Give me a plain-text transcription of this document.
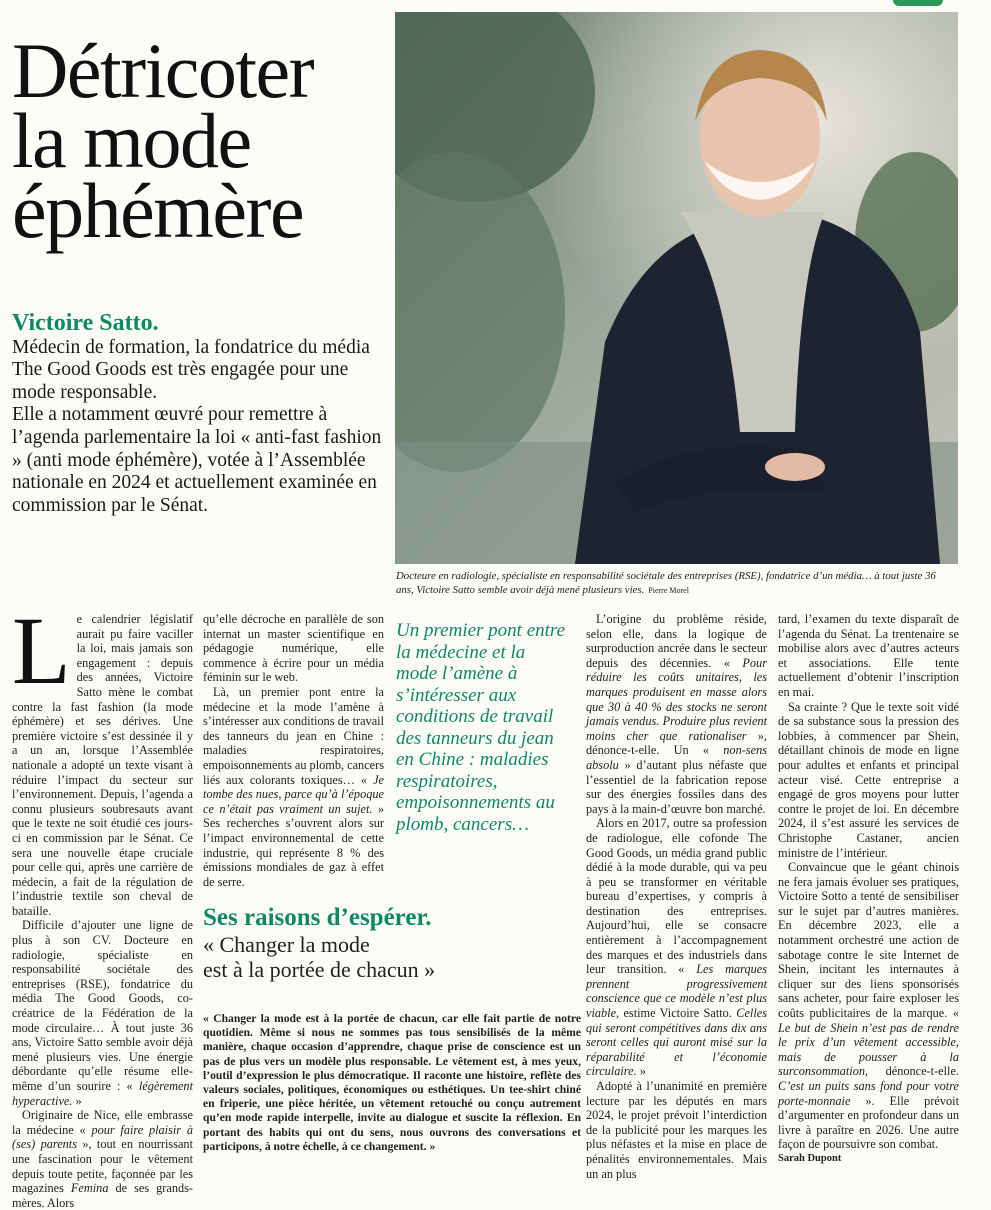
Détricoter
la mode
éphémère
Victoire Satto.

Médecin de formation, la fondatrice du média The Good Goods est très engagée pour une mode responsable.

Elle a notamment œuvré pour remettre à l’agenda parlementaire la loi « anti-fast fashion » (anti mode éphémère), votée à l’Assemblée nationale en 2024 et actuellement examinée en commission par le Sénat.

Docteure en radiologie, spécialiste en responsabilité sociétale des entreprises (RSE), fondatrice d’un média… à tout juste 36 ans, Victoire Satto semble avoir déjà mené plusieurs vies. Pierre Morel

Le calendrier législatif aurait pu faire vaciller la loi, mais jamais son engagement : depuis des années, Victoire Satto mène le combat contre la fast fashion (la mode éphémère) et ses dérives. Une première victoire s’est dessinée il y a un an, lorsque l’Assemblée nationale a adopté un texte visant à réduire l’impact du secteur sur l’environnement. Depuis, l’agenda a connu plusieurs soubresauts avant que le texte ne soit étudié ces jours-ci en commission par le Sénat. Ce sera une nouvelle étape cruciale pour celle qui, après une carrière de médecin, a fait de la régulation de l’industrie textile son cheval de bataille.

Difficile d’ajouter une ligne de plus à son CV. Docteure en radiologie, spécialiste en responsabilité sociétale des entreprises (RSE), fondatrice du média The Good Goods, co-créatrice de la Fédération de la mode circulaire… À tout juste 36 ans, Victoire Satto semble avoir déjà mené plusieurs vies. Une énergie débordante qu’elle résume elle-même d’un sourire : « légèrement hyperactive. »

Originaire de Nice, elle embrasse la médecine « pour faire plaisir à (ses) parents », tout en nourrissant une fascination pour le vêtement depuis toute petite, façonnée par les magazines Femina de ses grands-mères. Alors

qu’elle décroche en parallèle de son internat un master scientifique en pédagogie numérique, elle commence à écrire pour un média féminin sur le web.

Là, un premier pont entre la médecine et la mode l’amène à s’intéresser aux conditions de travail des tanneurs du jean en Chine : maladies respiratoires, empoisonnements au plomb, cancers liés aux colorants toxiques… « Je tombe des nues, parce qu’à l’époque ce n’était pas vraiment un sujet. » Ses recherches s’ouvrent alors sur l’impact environnemental de cette industrie, qui représente 8 % des émissions mondiales de gaz à effet de serre.

Un premier pont entre la médecine et la mode l’amène à s’intéresser aux conditions de travail des tanneurs du jean en Chine : maladies respiratoires, empoisonnements au plomb, cancers…

L’origine du problème réside, selon elle, dans la logique de surproduction ancrée dans le secteur depuis des décennies. « Pour réduire les coûts unitaires, les marques produisent en masse alors que 30 à 40 % des stocks ne seront jamais vendus. Produire plus revient moins cher que rationaliser », dénonce-t-elle. Un « non-sens absolu » d’autant plus néfaste que l’essentiel de la fabrication repose sur des énergies fossiles dans des pays à la main-d’œuvre bon marché.

Alors en 2017, outre sa profession de radiologue, elle cofonde The Good Goods, un média grand public dédié à la mode durable, qui va peu à peu se transformer en véritable bureau d’expertises, y compris à destination des entreprises. Aujourd’hui, elle se consacre entièrement à l’accompagnement des marques et des industriels dans leur transition. « Les marques prennent progressivement conscience que ce modèle n’est plus viable, estime Victoire Satto. Celles qui seront compétitives dans dix ans seront celles qui auront misé sur la réparabilité et l’économie circulaire. »

Adopté à l’unanimité en première lecture par les députés en mars 2024, le projet prévoit l’interdiction de la publicité pour les marques les plus néfastes et la mise en place de pénalités environnementales. Mais un an plus

tard, l’examen du texte disparaît de l’agenda du Sénat. La trentenaire se mobilise alors avec d’autres acteurs et associations. Elle tente actuellement d’obtenir l’inscription en mai.

Sa crainte ? Que le texte soit vidé de sa substance sous la pression des lobbies, à commencer par Shein, détaillant chinois de mode en ligne pour adultes et enfants et principal acteur visé. Cette entreprise a engagé de gros moyens pour lutter contre le projet de loi. En décembre 2024, il s’est assuré les services de Christophe Castaner, ancien ministre de l’intérieur.

Convaincue que le géant chinois ne fera jamais évoluer ses pratiques, Victoire Sotto a tenté de sensibiliser sur le sujet par d’autres manières. En décembre 2023, elle a notamment orchestré une action de sabotage contre le site Internet de Shein, incitant les internautes à cliquer sur des liens sponsorisés sans acheter, pour faire exploser les coûts publicitaires de la marque. « Le but de Shein n’est pas de rendre le prix d’un vêtement accessible, mais de pousser à la surconsommation, dénonce-t-elle. C’est un puits sans fond pour votre porte-monnaie ». Elle prévoit d’argumenter en profondeur dans un livre à paraître en 2026. Une autre façon de poursuivre son combat.

Sarah Dupont

Ses raisons d’espérer.
« Changer la mode
est à la portée de chacun »
« Changer la mode est à la portée de chacun, car elle fait partie de notre quotidien. Même si nous ne sommes pas tous sensibilisés de la même manière, chaque occasion d’apprendre, chaque prise de conscience est un pas de plus vers un modèle plus responsable. Le vêtement est, à mes yeux, l’outil d’expression le plus démocratique. Il raconte une histoire, reflète des valeurs sociales, politiques, économiques ou esthétiques. Un tee-shirt chiné en friperie, une pièce héritée, un vêtement retouché ou conçu autrement qu’en mode rapide interpelle, invite au dialogue et suscite la réflexion. En portant des habits qui ont du sens, nous ouvrons des conversations et participons, à notre échelle, à ce changement. »
